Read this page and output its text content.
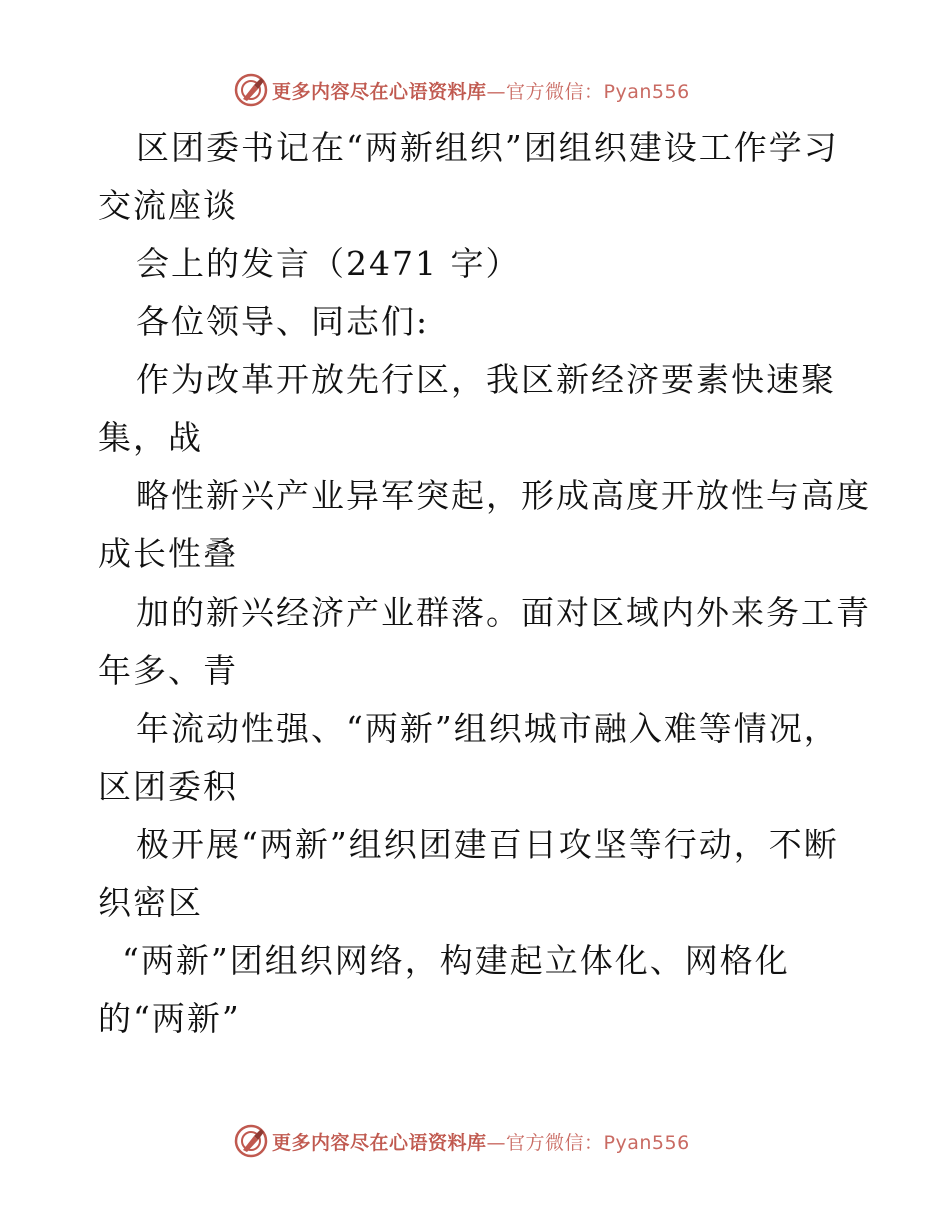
更多内容尽在心语资料库—官方微信：Pyan556
区团委书记在“两新组织”团组织建设工作学习
交流座谈
会上的发言（2471 字）
各位领导、同志们:
作为改革开放先行区，我区新经济要素快速聚
集，战
略性新兴产业异军突起，形成高度开放性与高度
成长性叠
加的新兴经济产业群落。面对区域内外来务工青
年多、青
年流动性强、“两新”组织城市融入难等情况，
区团委积
极开展“两新”组织团建百日攻坚等行动，不断
织密区
“两新”团组织网络，构建起立体化、网格化
的“两新”
更多内容尽在心语资料库—官方微信：Pyan556
